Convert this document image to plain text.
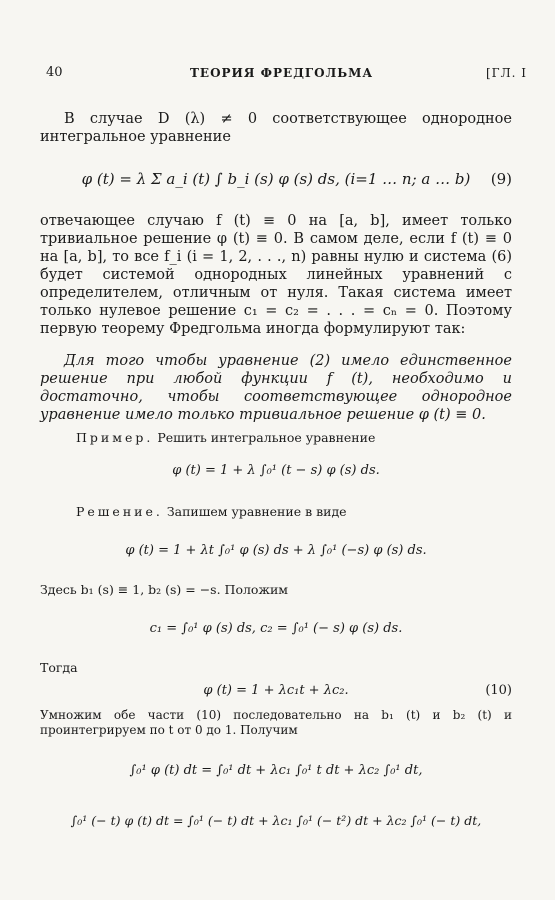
40	ТЕОРИЯ ФРЕДГОЛЬМА	[ГЛ. I
В случае D (λ) ≠ 0 соответствующее однородное интегральное уравнение
φ (t) = λ Σ a_i (t) ∫ b_i (s) φ (s) ds, (i=1 … n; a … b) (9)
отвечающее случаю f (t) ≡ 0 на [a, b], имеет только тривиальное решение φ (t) ≡ 0. В самом деле, если f (t) ≡ 0 на [a, b], то все f_i (i = 1, 2, . . ., n) равны нулю и система (6) будет системой однородных линейных уравнений с определителем, отличным от нуля. Такая система имеет только нулевое решение c₁ = c₂ = . . . = cₙ = 0. Поэтому первую теорему Фредгольма иногда формулируют так:
Для того чтобы уравнение (2) имело единственное решение при любой функции f (t), необходимо и достаточно, чтобы соответствующее однородное уравнение имело только тривиальное решение φ (t) ≡ 0.
Пример. Решить интегральное уравнение
φ (t) = 1 + λ ∫₀¹ (t − s) φ (s) ds.
Решение. Запишем уравнение в виде
φ (t) = 1 + λt ∫₀¹ φ (s) ds + λ ∫₀¹ (−s) φ (s) ds.
Здесь b₁ (s) ≡ 1, b₂ (s) = −s. Положим
c₁ = ∫₀¹ φ (s) ds, c₂ = ∫₀¹ (− s) φ (s) ds.
Тогда
φ (t) = 1 + λc₁t + λc₂.	(10)
Умножим обе части (10) последовательно на b₁ (t) и b₂ (t) и проинтегрируем по t от 0 до 1. Получим
∫₀¹ φ (t) dt = ∫₀¹ dt + λc₁ ∫₀¹ t dt + λc₂ ∫₀¹ dt,
∫₀¹ (− t) φ (t) dt = ∫₀¹ (− t) dt + λc₁ ∫₀¹ (− t²) dt + λc₂ ∫₀¹ (− t) dt,
